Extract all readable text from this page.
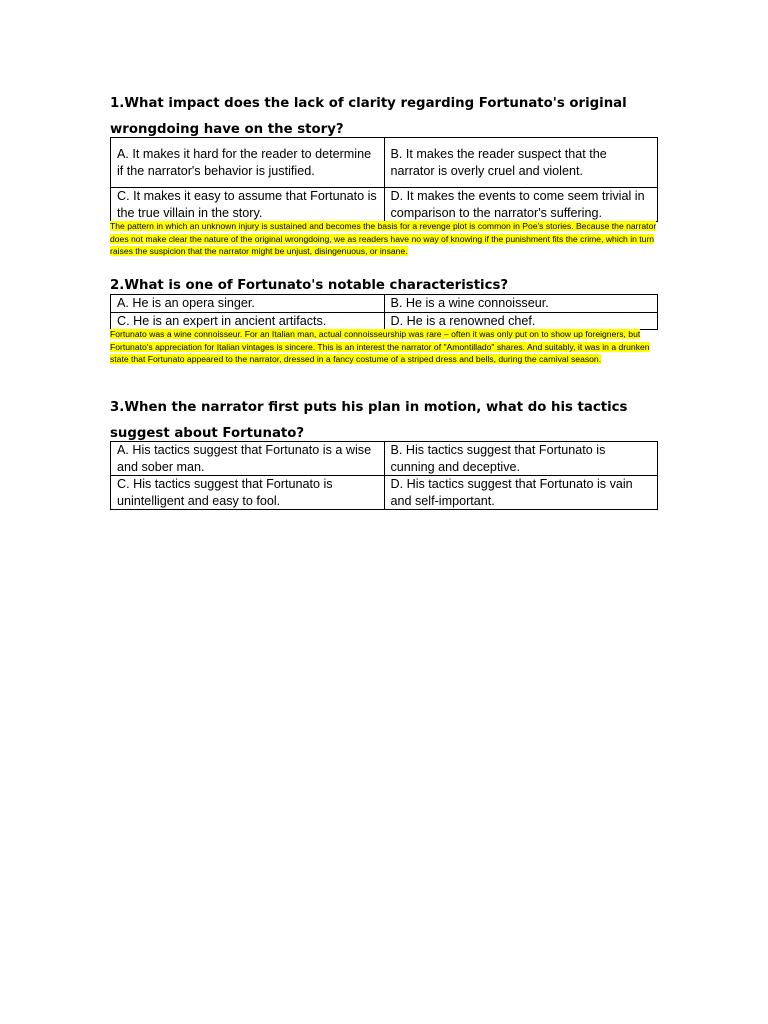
1.What impact does the lack of clarity regarding Fortunato's original wrongdoing have on the story?

A. It makes it hard for the reader to determine if the narrator's behavior is justified.	B. It makes the reader suspect that the narrator is overly cruel and violent.
C. It makes it easy to assume that Fortunato is the true villain in the story.	D. It makes the events to come seem trivial in comparison to the narrator's suffering.

The pattern in which an unknown injury is sustained and becomes the basis for a revenge plot is common in Poe's stories. Because the narrator does not make clear the nature of the original wrongdoing, we as readers have no way of knowing if the punishment fits the crime, which in turn raises the suspicion that the narrator might be unjust, disingenuous, or insane.

2.What is one of Fortunato's notable characteristics?

A. He is an opera singer.	B. He is a wine connoisseur.
C. He is an expert in ancient artifacts.	D. He is a renowned chef.

Fortunato was a wine connoisseur. For an Italian man, actual connoisseurship was rare – often it was only put on to show up foreigners, but Fortunato's appreciation for Italian vintages is sincere. This is an interest the narrator of "Amontillado" shares. And suitably, it was in a drunken state that Fortunato appeared to the narrator, dressed in a fancy costume of a striped dress and bells, during the carnival season.

3.When the narrator first puts his plan in motion, what do his tactics suggest about Fortunato?

A. His tactics suggest that Fortunato is a wise and sober man.	B. His tactics suggest that Fortunato is cunning and deceptive.
C. His tactics suggest that Fortunato is unintelligent and easy to fool.	D. His tactics suggest that Fortunato is vain and self-important.
